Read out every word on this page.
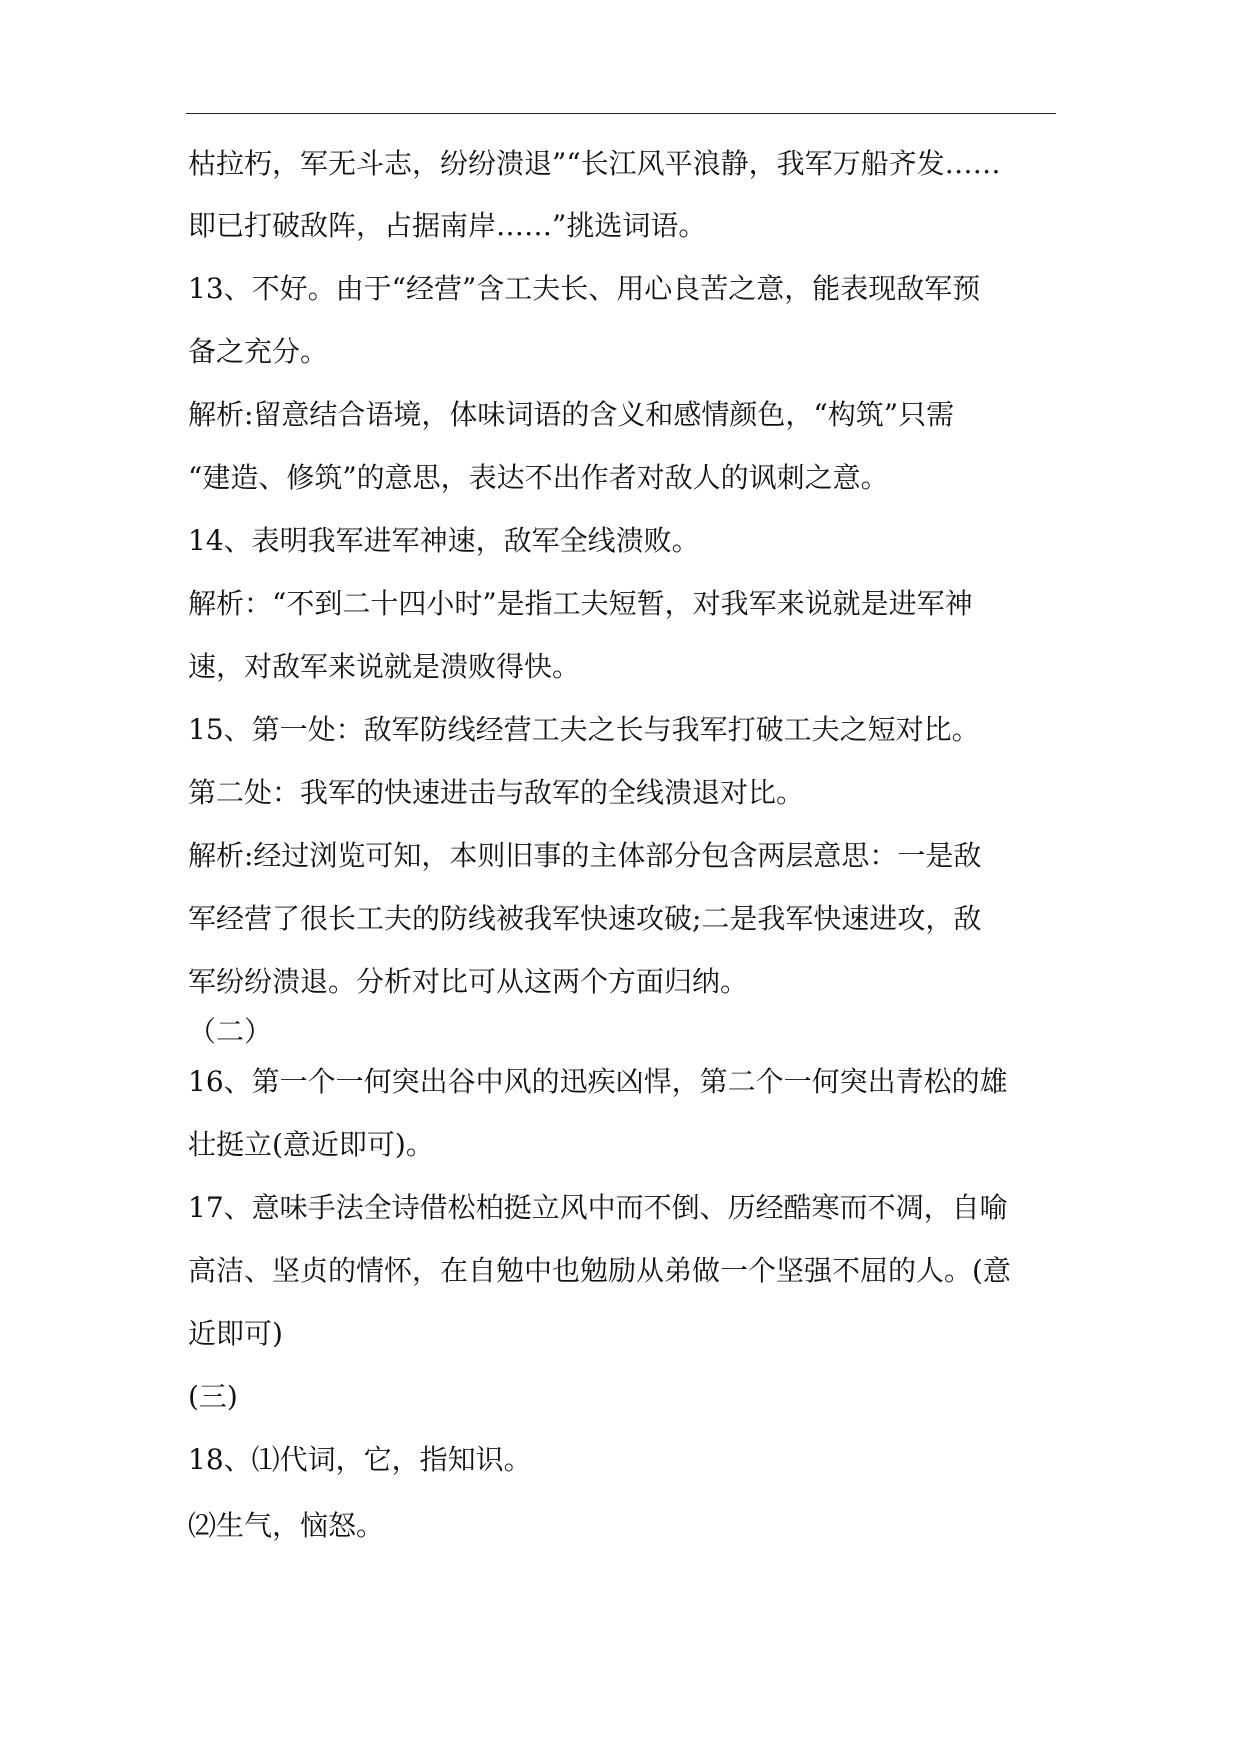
枯拉朽，军无斗志，纷纷溃退”“长江风平浪静，我军万船齐发……
即已打破敌阵，占据南岸……”挑选词语。
13、不好。由于“经营”含工夫长、用心良苦之意，能表现敌军预
备之充分。
解析:留意结合语境，体味词语的含义和感情颜色，“构筑”只需
“建造、修筑”的意思，表达不出作者对敌人的讽刺之意。
14、表明我军进军神速，敌军全线溃败。
解析：“不到二十四小时”是指工夫短暂，对我军来说就是进军神
速，对敌军来说就是溃败得快。
15、第一处：敌军防线经营工夫之长与我军打破工夫之短对比。
第二处：我军的快速进击与敌军的全线溃退对比。
解析:经过浏览可知，本则旧事的主体部分包含两层意思：一是敌
军经营了很长工夫的防线被我军快速攻破;二是我军快速进攻，敌
军纷纷溃退。分析对比可从这两个方面归纳。
（二）
16、第一个一何突出谷中风的迅疾凶悍，第二个一何突出青松的雄
壮挺立(意近即可)。
17、意味手法全诗借松柏挺立风中而不倒、历经酷寒而不凋，自喻
高洁、坚贞的情怀，在自勉中也勉励从弟做一个坚强不屈的人。(意
近即可)
(三)
18、⑴代词，它，指知识。
⑵生气，恼怒。
